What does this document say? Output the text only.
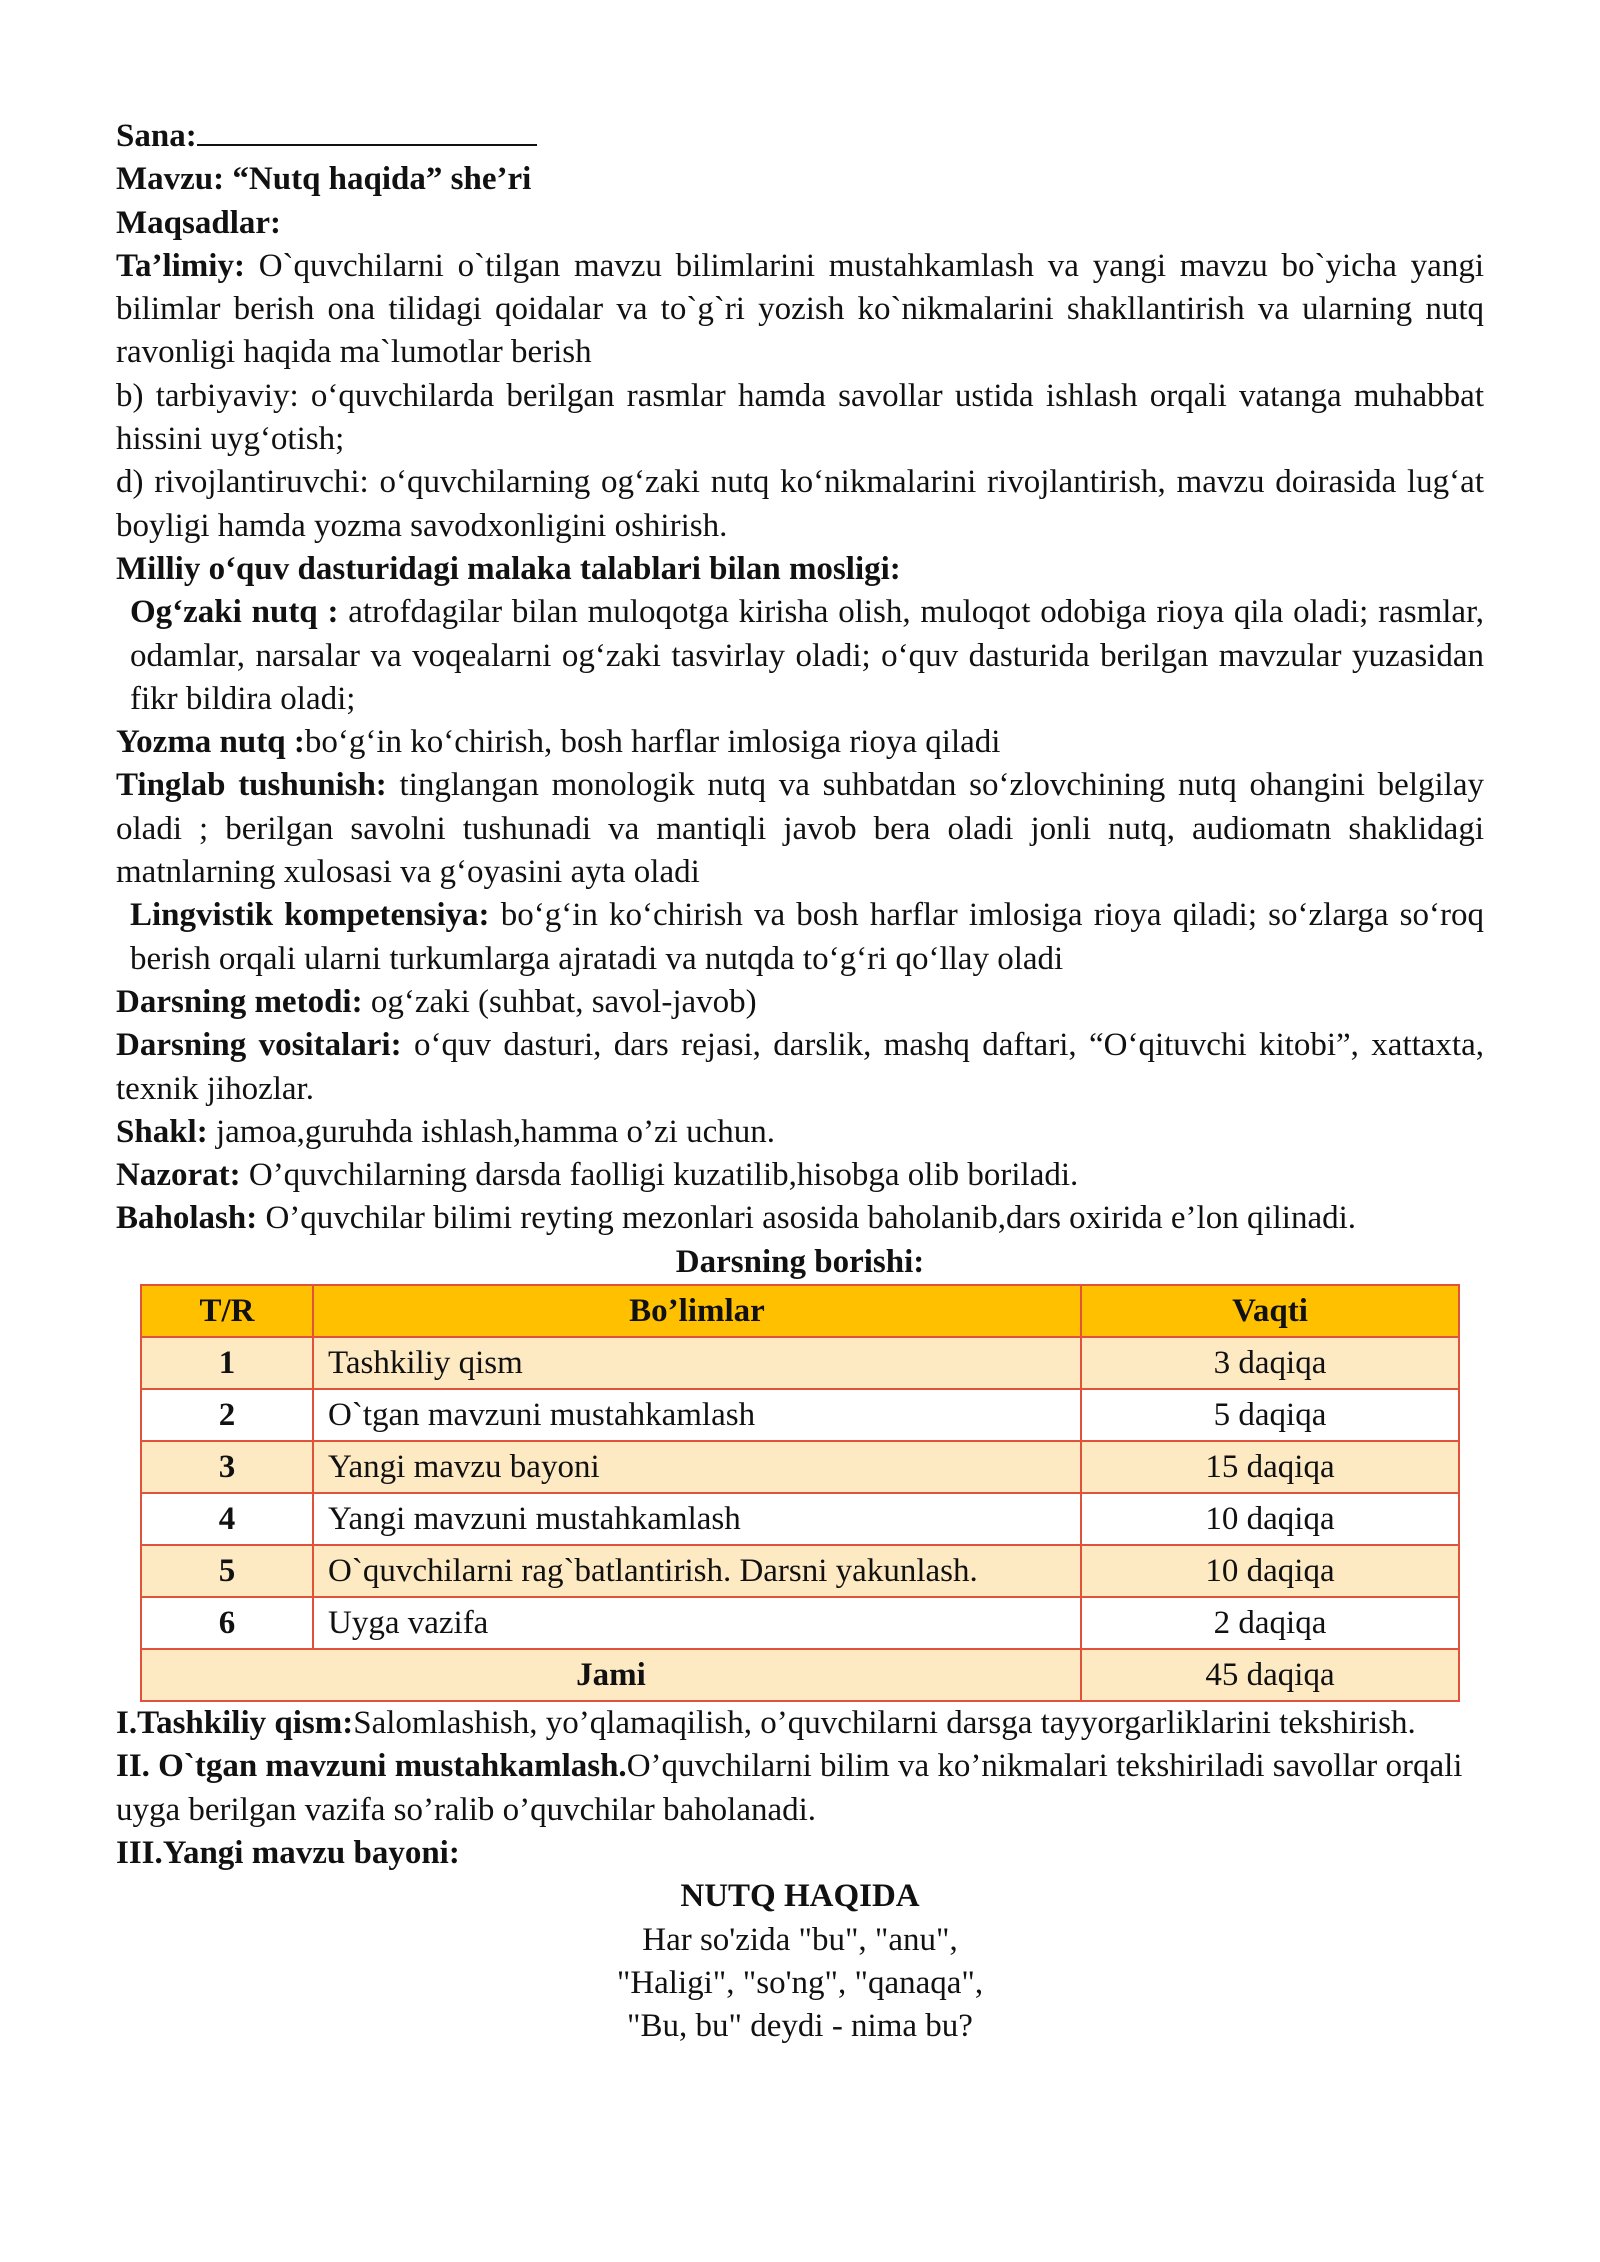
Sana:

Mavzu: “Nutq haqida” she’ri

Maqsadlar:

Ta’limiy: O`quvchilarni o`tilgan mavzu bilimlarini mustahkamlash va yangi mavzu bo`yicha yangi bilimlar berish ona tilidagi qoidalar va to`g`ri yozish ko`nikmalarini shakllantirish va ularning nutq ravonligi haqida ma`lumotlar berish

b) tarbiyaviy: o‘quvchilarda berilgan rasmlar hamda savollar ustida ishlash orqali vatanga muhabbat hissini uyg‘otish;

d) rivojlantiruvchi: o‘quvchilarning og‘zaki nutq ko‘nikmalarini rivojlantirish, mavzu doirasida lug‘at boyligi hamda yozma savodxonligini oshirish.

Milliy o‘quv dasturidagi malaka talablari bilan mosligi:

Og‘zaki nutq : atrofdagilar bilan muloqotga kirisha olish, muloqot odobiga rioya qila oladi; rasmlar, odamlar, narsalar va voqealarni og‘zaki tasvirlay oladi; o‘quv dasturida berilgan mavzular yuzasidan fikr bildira oladi;

Yozma nutq :bo‘g‘in ko‘chirish, bosh harflar imlosiga rioya qiladi

Tinglab tushunish: tinglangan monologik nutq va suhbatdan so‘zlovchining nutq ohangini belgilay oladi ; berilgan savolni tushunadi va mantiqli javob bera oladi jonli nutq, audiomatn shaklidagi matnlarning xulosasi va g‘oyasini ayta oladi

Lingvistik kompetensiya: bo‘g‘in ko‘chirish va bosh harflar imlosiga rioya qiladi; so‘zlarga so‘roq berish orqali ularni turkumlarga ajratadi va nutqda to‘g‘ri qo‘llay oladi

Darsning metodi: og‘zaki (suhbat, savol-javob)

Darsning vositalari: o‘quv dasturi, dars rejasi, darslik, mashq daftari, “O‘qituvchi kitobi”, xattaxta, texnik jihozlar.

Shakl: jamoa,guruhda ishlash,hamma o’zi uchun.

Nazorat: O’quvchilarning darsda faolligi kuzatilib,hisobga olib boriladi.

Baholash: O’quvchilar bilimi reyting mezonlari asosida baholanib,dars oxirida e’lon qilinadi.

Darsning borishi:

T/R	Bo’limlar	Vaqti
1	Tashkiliy qism	3 daqiqa
2	O`tgan mavzuni mustahkamlash	5 daqiqa
3	Yangi mavzu bayoni	15 daqiqa
4	Yangi mavzuni mustahkamlash	10 daqiqa
5	O`quvchilarni rag`batlantirish. Darsni yakunlash.	10 daqiqa
6	Uyga vazifa	2 daqiqa
Jami		45 daqiqa

I.Tashkiliy qism:Salomlashish, yo’qlamaqilish, o’quvchilarni darsga tayyorgarliklarini tekshirish.

II. O`tgan mavzuni mustahkamlash.O’quvchilarni bilim va ko’nikmalari tekshiriladi savollar orqali uyga berilgan vazifa so’ralib o’quvchilar baholanadi.

III.Yangi mavzu bayoni:

NUTQ HAQIDA

Har so'zida "bu", "anu",

"Haligi", "so'ng", "qanaqa",

"Bu, bu" deydi - nima bu?
